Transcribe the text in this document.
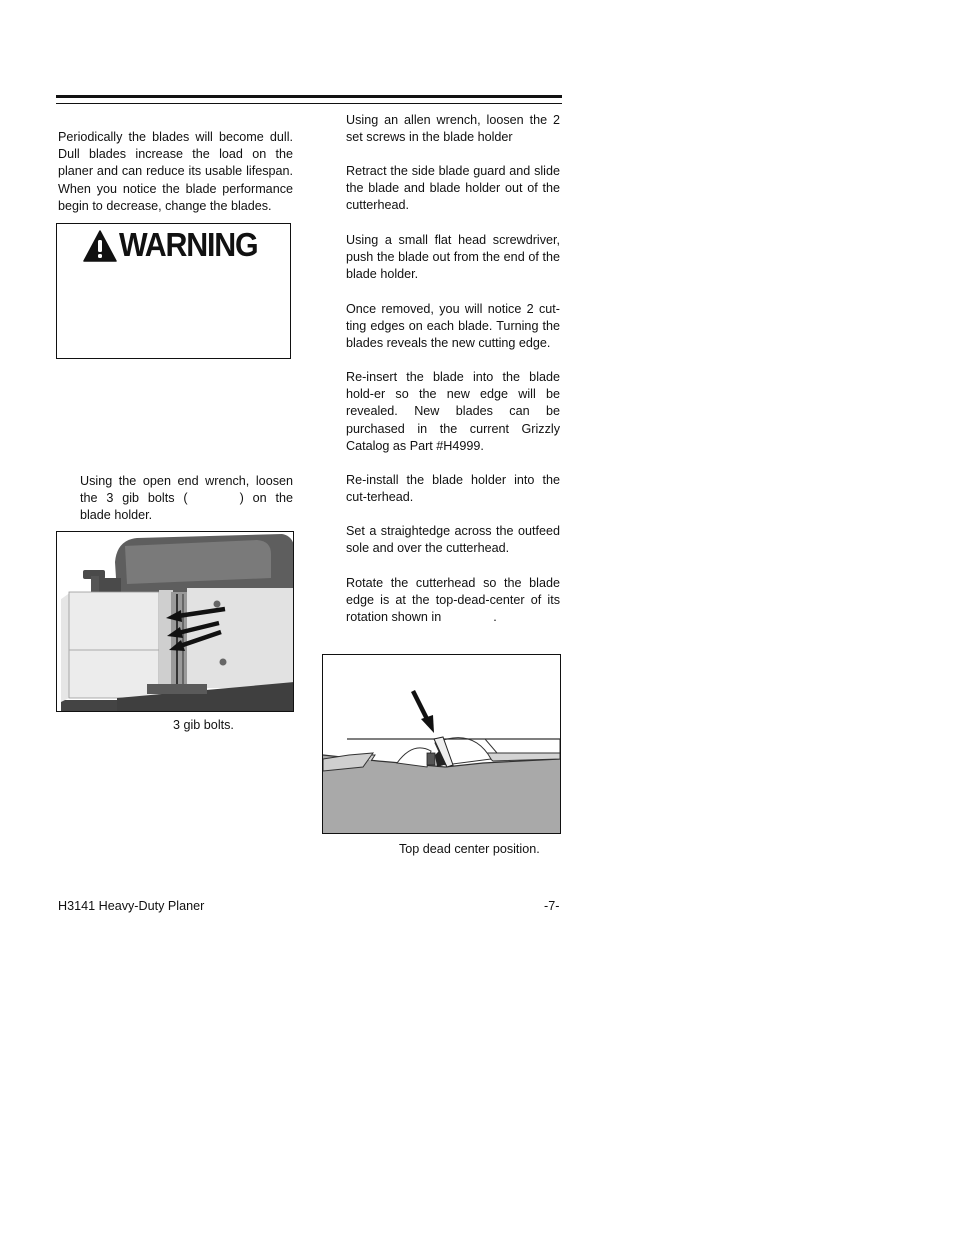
Periodically the blades will become dull. Dull blades increase the load on the planer and can reduce its usable lifespan. When you notice the blade performance begin to decrease, change the blades.

WARNING

Using the open end wrench, loosen the 3 gib bolts (	) on the blade holder.

3 gib bolts.

Using an allen wrench, loosen the 2 set screws in the blade holder

Retract the side blade guard and slide the blade and blade holder out of the cutterhead.

Using a small flat head screwdriver, push the blade out from the end of the blade holder.

Once removed, you will notice 2 cut-ting edges on each blade. Turning the blades reveals the new cutting edge.

Re-insert the blade into the blade hold-er so the new edge will be revealed. New blades can be purchased in the current Grizzly Catalog as Part #H4999.

Re-install the blade holder into the cut-terhead.

Set a straightedge across the outfeed sole and over the cutterhead.

Rotate the cutterhead so the blade edge is at the top-dead-center of its rotation shown in	.

Top dead center position.
H3141 Heavy-Duty Planer	-7-
